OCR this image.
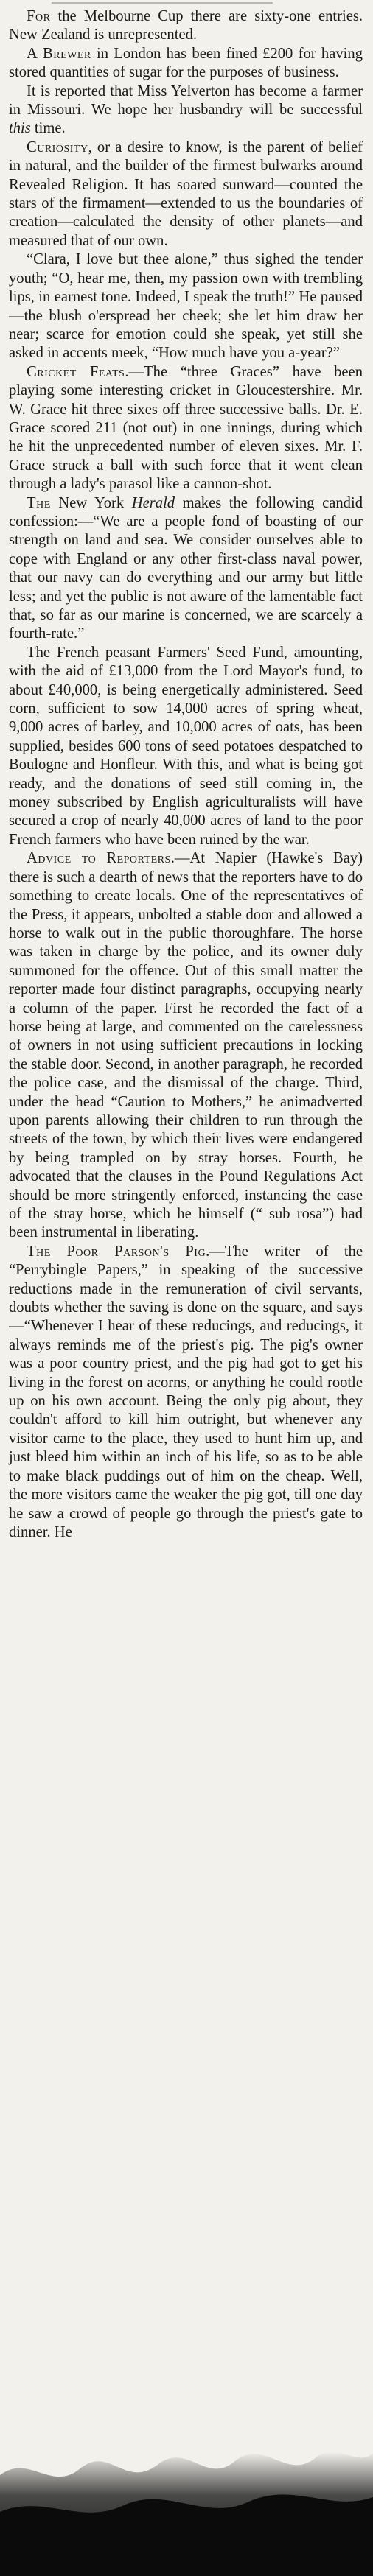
For the Melbourne Cup there are sixty-one entries. New Zealand is unrepresented.

A Brewer in London has been fined £200 for having stored quantities of sugar for the purposes of business.

It is reported that Miss Yelverton has become a farmer in Missouri. We hope her husbandry will be successful this time.

Curiosity, or a desire to know, is the parent of belief in natural, and the builder of the firmest bulwarks around Revealed Religion. It has soared sunward—counted the stars of the firmament—extended to us the boundaries of creation—calculated the density of other planets—and measured that of our own.

“Clara, I love but thee alone,” thus sighed the tender youth; “O, hear me, then, my passion own with trembling lips, in earnest tone. Indeed, I speak the truth!” He paused—the blush o'erspread her cheek; she let him draw her near; scarce for emotion could she speak, yet still she asked in accents meek, “How much have you a-year?”

Cricket Feats.—The “three Graces” have been playing some interesting cricket in Gloucestershire. Mr. W. Grace hit three sixes off three successive balls. Dr. E. Grace scored 211 (not out) in one innings, during which he hit the unprecedented number of eleven sixes. Mr. F. Grace struck a ball with such force that it went clean through a lady's parasol like a cannon-shot.

The New York Herald makes the following candid confession:—“We are a people fond of boasting of our strength on land and sea. We consider ourselves able to cope with England or any other first-class naval power, that our navy can do everything and our army but little less; and yet the public is not aware of the lamentable fact that, so far as our marine is concerned, we are scarcely a fourth-rate.”

The French peasant Farmers' Seed Fund, amounting, with the aid of £13,000 from the Lord Mayor's fund, to about £40,000, is being energetically administered. Seed corn, sufficient to sow 14,000 acres of spring wheat, 9,000 acres of barley, and 10,000 acres of oats, has been supplied, besides 600 tons of seed potatoes despatched to Boulogne and Honfleur. With this, and what is being got ready, and the donations of seed still coming in, the money subscribed by English agriculturalists will have secured a crop of nearly 40,000 acres of land to the poor French farmers who have been ruined by the war.

Advice to Reporters.—At Napier (Hawke's Bay) there is such a dearth of news that the reporters have to do something to create locals. One of the representatives of the Press, it appears, unbolted a stable door and allowed a horse to walk out in the public thoroughfare. The horse was taken in charge by the police, and its owner duly summoned for the offence. Out of this small matter the reporter made four distinct paragraphs, occupying nearly a column of the paper. First he recorded the fact of a horse being at large, and commented on the carelessness of owners in not using sufficient precautions in locking the stable door. Second, in another paragraph, he recorded the police case, and the dismissal of the charge. Third, under the head “Caution to Mothers,” he animadverted upon parents allowing their children to run through the streets of the town, by which their lives were endangered by being trampled on by stray horses. Fourth, he advocated that the clauses in the Pound Regulations Act should be more stringently enforced, instancing the case of the stray horse, which he himself (“ sub rosa”) had been instrumental in liberating.

The Poor Parson's Pig.—The writer of the “Perrybingle Papers,” in speaking of the successive reductions made in the remuneration of civil servants, doubts whether the saving is done on the square, and says—“Whenever I hear of these reducings, and reducings, it always reminds me of the priest's pig. The pig's owner was a poor country priest, and the pig had got to get his living in the forest on acorns, or anything he could rootle up on his own account. Being the only pig about, they couldn't afford to kill him outright, but whenever any visitor came to the place, they used to hunt him up, and just bleed him within an inch of his life, so as to be able to make black puddings out of him on the cheap. Well, the more visitors came the weaker the pig got, till one day he saw a crowd of people go through the priest's gate to dinner. He
